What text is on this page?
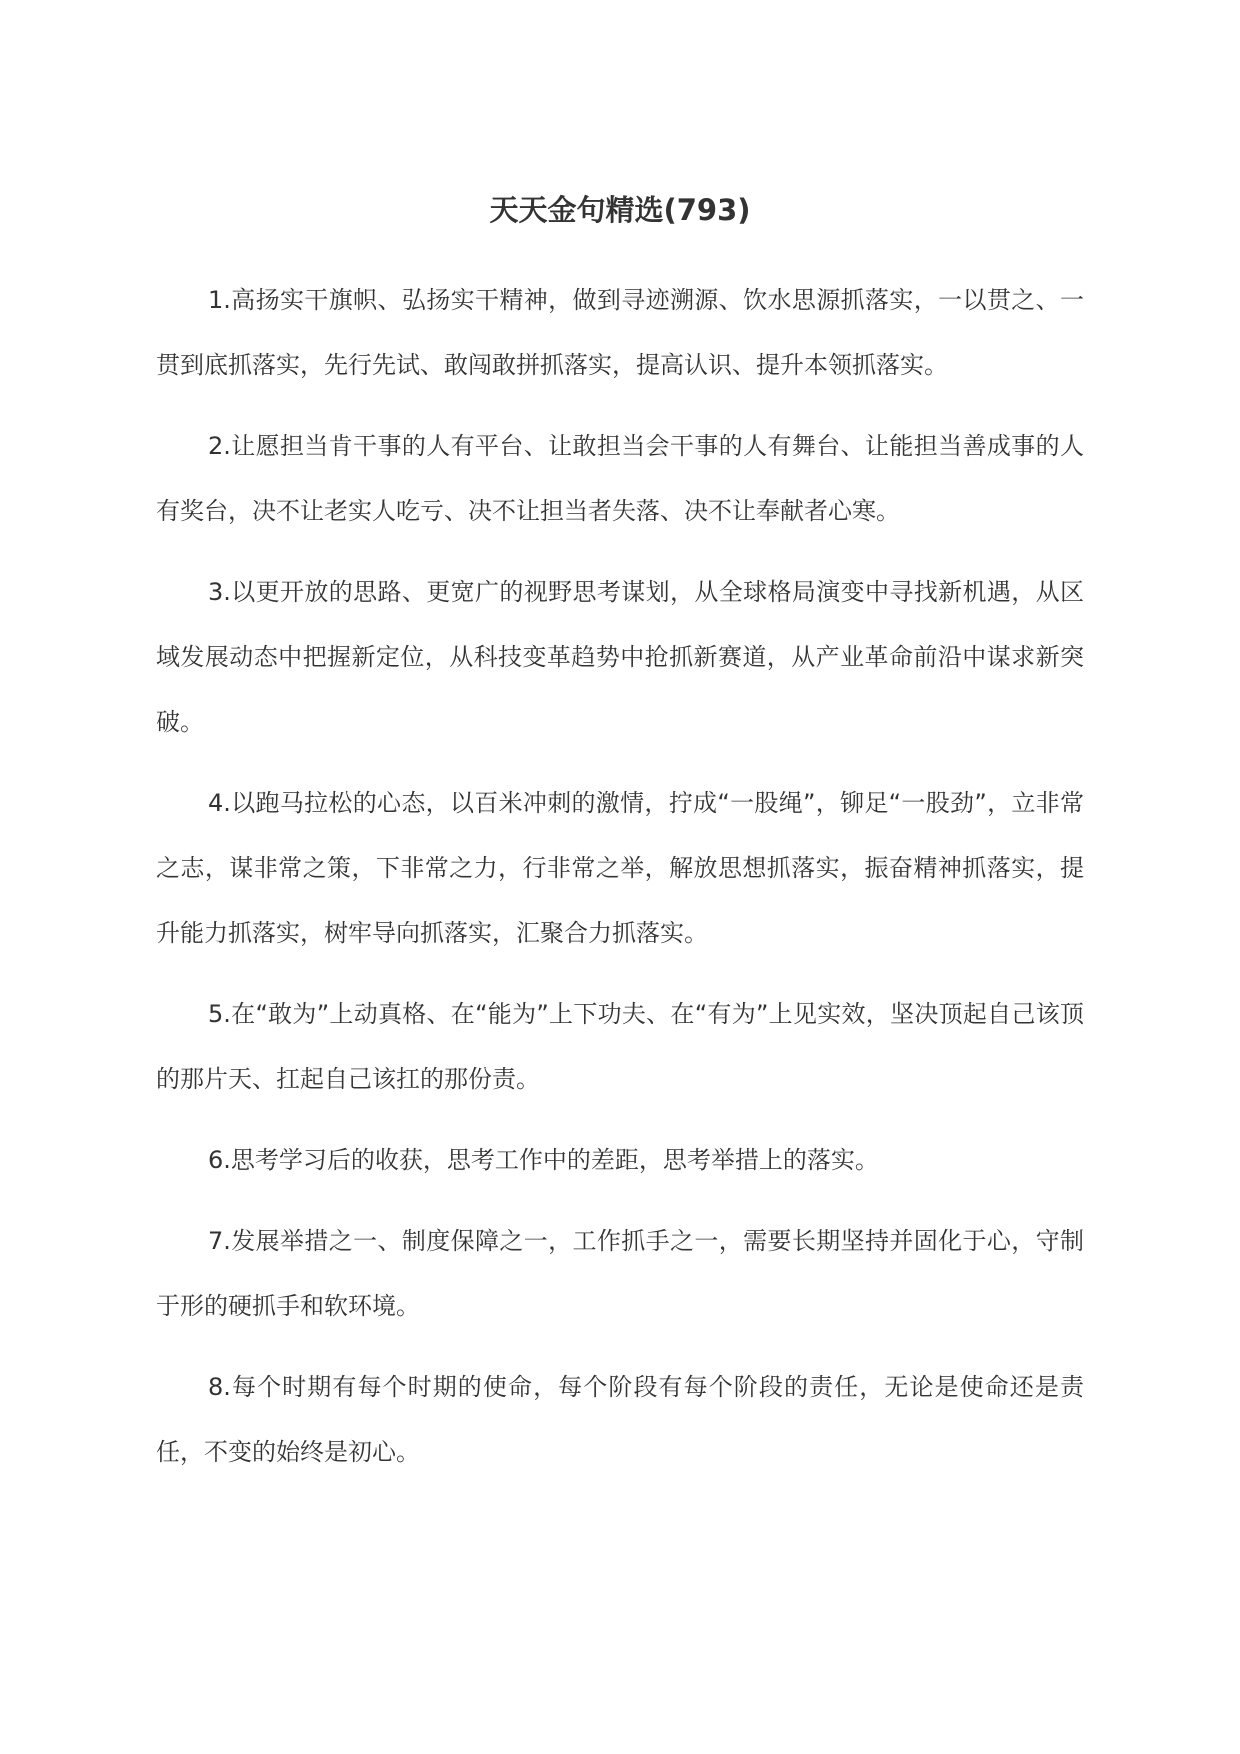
天天金句精选(793)

1.高扬实干旗帜、弘扬实干精神，做到寻迹溯源、饮水思源抓落实，一以贯之、一贯到底抓落实，先行先试、敢闯敢拼抓落实，提高认识、提升本领抓落实。

2.让愿担当肯干事的人有平台、让敢担当会干事的人有舞台、让能担当善成事的人有奖台，决不让老实人吃亏、决不让担当者失落、决不让奉献者心寒。

3.以更开放的思路、更宽广的视野思考谋划，从全球格局演变中寻找新机遇，从区域发展动态中把握新定位，从科技变革趋势中抢抓新赛道，从产业革命前沿中谋求新突破。

4.以跑马拉松的心态，以百米冲刺的激情，拧成“一股绳”，铆足“一股劲”，立非常之志，谋非常之策，下非常之力，行非常之举，解放思想抓落实，振奋精神抓落实，提升能力抓落实，树牢导向抓落实，汇聚合力抓落实。

5.在“敢为”上动真格、在“能为”上下功夫、在“有为”上见实效，坚决顶起自己该顶的那片天、扛起自己该扛的那份责。

6.思考学习后的收获，思考工作中的差距，思考举措上的落实。

7.发展举措之一、制度保障之一，工作抓手之一，需要长期坚持并固化于心，守制于形的硬抓手和软环境。

8.每个时期有每个时期的使命，每个阶段有每个阶段的责任，无论是使命还是责任，不变的始终是初心。
